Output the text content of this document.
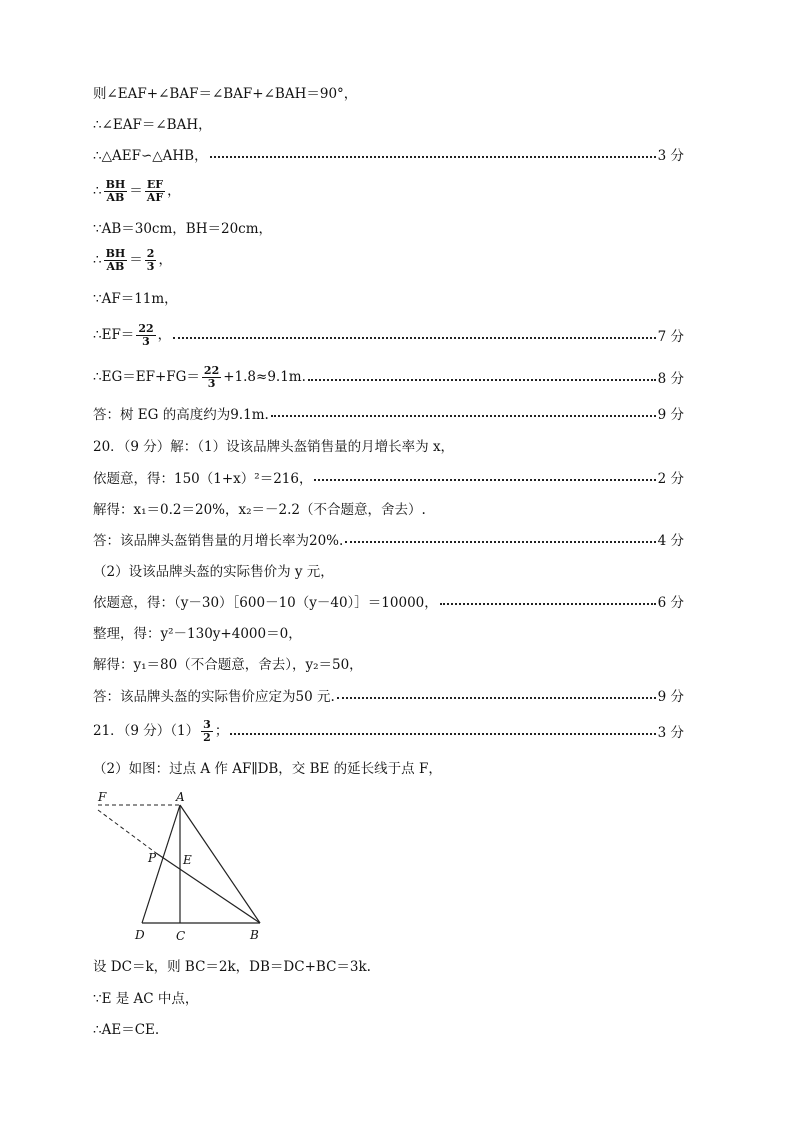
则∠EAF+∠BAF＝∠BAF+∠BAH＝90°，
∴∠EAF＝∠BAH，
∴△AEF∽△AHB，	3 分
∴ $\frac{BH}{AB} = \frac{EF}{AF}$ ，
∵AB＝30cm，BH＝20cm，
∴ $\frac{BH}{AB} = \frac{2}{3}$ ，
∵AF＝11m，
∴EF＝ $\frac{22}{3}$ ，	7 分
∴EG＝EF+FG＝ $\frac{22}{3} +1.8\approx 9.1m$.	8 分
答：树 EG 的高度约为9.1m.	9 分
20．（9 分）解：（1）设该品牌头盔销售量的月增长率为 x，
依题意，得：150（1+x）²＝216，	2 分
解得：x₁＝0.2＝20%，x₂＝－2.2（不合题意，舍去）.
答：该品牌头盔销售量的月增长率为20%.	4 分
（2）设该品牌头盔的实际售价为 y 元，
依题意，得：（y－30）［600－10（y－40）］＝10000，	6 分
整理，得：y²－130y+4000＝0，
解得：y₁＝80（不合题意，舍去），y₂＝50，
答：该品牌头盔的实际售价应定为50 元.	9 分
21．（9 分）$(1) \frac{3}{2}$ ；	3 分
（2）如图：过点 A 作 AF∥DB，交 BE 的延长线于点 F，
F	A
P E
D	C	B
设 DC＝k，则 BC＝2k，DB＝DC+BC＝3k.
∵E 是 AC 中点，
∴AE＝CE.
